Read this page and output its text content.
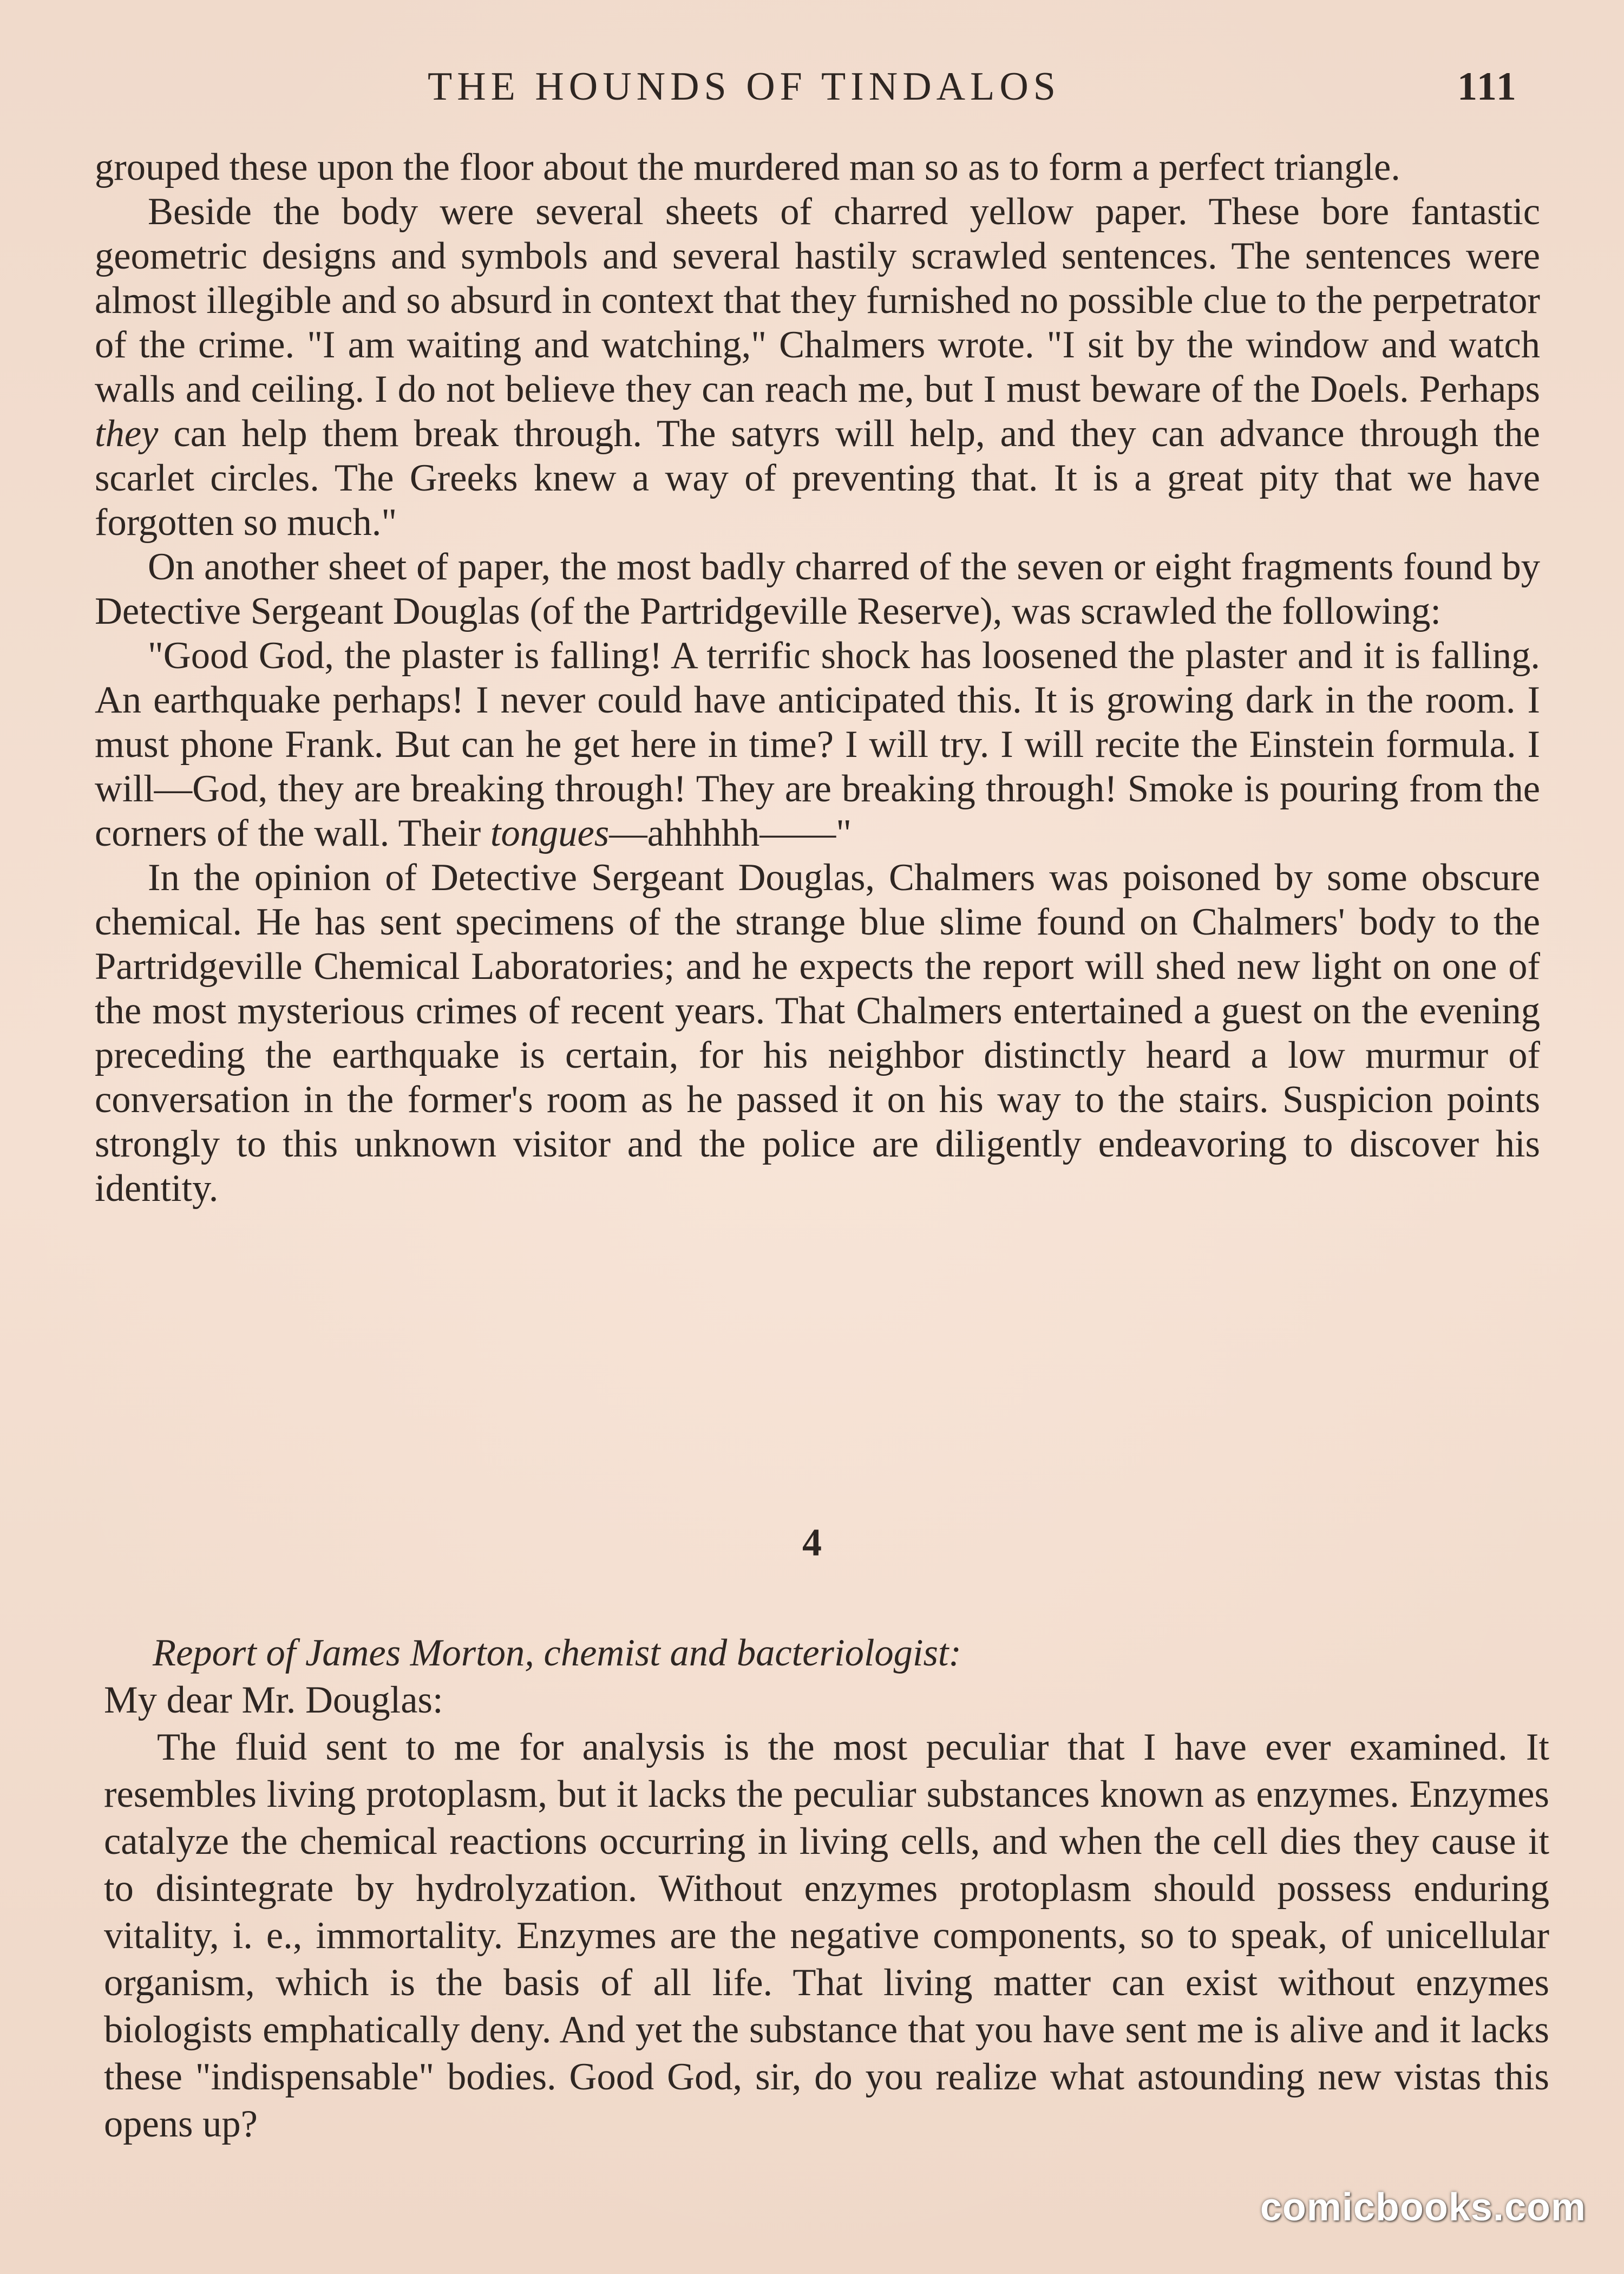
THE HOUNDS OF TINDALOS	111

grouped these upon the floor about the murdered man so as to form a perfect triangle.

Beside the body were several sheets of charred yellow paper. These bore fantastic geometric designs and symbols and several hastily scrawled sentences. The sentences were almost illegible and so absurd in context that they furnished no possible clue to the perpetrator of the crime. "I am waiting and watching," Chalmers wrote. "I sit by the window and watch walls and ceiling. I do not believe they can reach me, but I must beware of the Doels. Perhaps they can help them break through. The satyrs will help, and they can advance through the scarlet circles. The Greeks knew a way of preventing that. It is a great pity that we have forgotten so much."

On another sheet of paper, the most badly charred of the seven or eight fragments found by Detective Sergeant Douglas (of the Partridgeville Reserve), was scrawled the following:

"Good God, the plaster is falling! A terrific shock has loosened the plaster and it is falling. An earthquake perhaps! I never could have anticipated this. It is growing dark in the room. I must phone Frank. But can he get here in time? I will try. I will recite the Einstein formula. I will—God, they are breaking through! They are breaking through! Smoke is pouring from the corners of the wall. Their tongues—ahhhhh——"

In the opinion of Detective Sergeant Douglas, Chalmers was poisoned by some obscure chemical. He has sent specimens of the strange blue slime found on Chalmers' body to the Partridgeville Chemical Laboratories; and he expects the report will shed new light on one of the most mysterious crimes of recent years. That Chalmers entertained a guest on the evening preceding the earthquake is certain, for his neighbor distinctly heard a low murmur of conversation in the former's room as he passed it on his way to the stairs. Suspicion points strongly to this unknown visitor and the police are diligently endeavoring to discover his identity.

4

Report of James Morton, chemist and bacteriologist:

My dear Mr. Douglas:

The fluid sent to me for analysis is the most peculiar that I have ever examined. It resembles living protoplasm, but it lacks the peculiar substances known as enzymes. Enzymes catalyze the chemical reactions occurring in living cells, and when the cell dies they cause it to disintegrate by hydrolyzation. Without enzymes protoplasm should possess enduring vitality, i. e., immortality. Enzymes are the negative components, so to speak, of unicellular organism, which is the basis of all life. That living matter can exist without enzymes biologists emphatically deny. And yet the substance that you have sent me is alive and it lacks these "indispensable" bodies. Good God, sir, do you realize what astounding new vistas this opens up?

comicbooks.com
